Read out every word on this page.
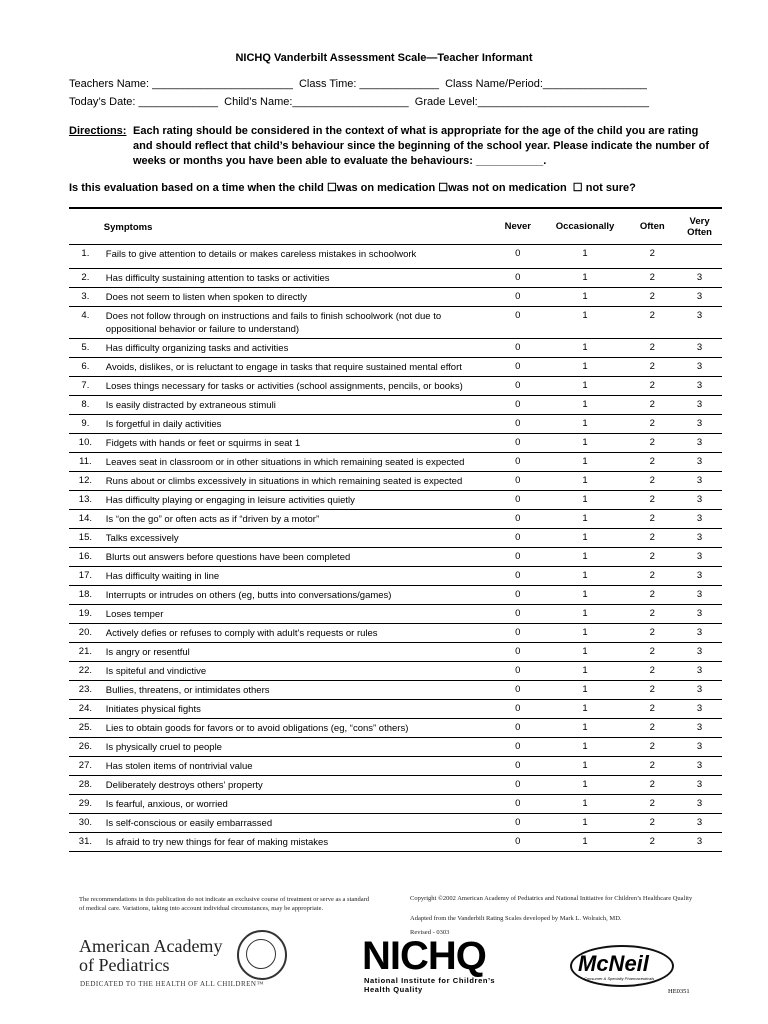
NICHQ Vanderbilt Assessment Scale—Teacher Informant
Teachers Name: _______________________  Class Time: _____________  Class Name/Period:_________________
Today’s Date: _____________  Child’s Name:___________________  Grade Level:____________________________
Directions: Each rating should be considered in the context of what is appropriate for the age of the child you are rating and should reflect that child’s behaviour since the beginning of the school year. Please indicate the number of weeks or months you have been able to evaluate the behaviours: ___________.
Is this evaluation based on a time when the child ☐was on medication ☐was not on medication  ☐ not sure?
	Symptoms	Never	Occasionally	Often	Very Often
1.	Fails to give attention to details or makes careless mistakes in schoolwork	0	1	2	
2.	Has difficulty sustaining attention to tasks or activities	0	1	2	3
3.	Does not seem to listen when spoken to directly	0	1	2	3
4.	Does not follow through on instructions and fails to finish schoolwork (not due to oppositional behavior or failure to understand)	0	1	2	3
5.	Has difficulty organizing tasks and activities	0	1	2	3
6.	Avoids, dislikes, or is reluctant to engage in tasks that require sustained mental effort	0	1	2	3
7.	Loses things necessary for tasks or activities (school assignments, pencils, or books)	0	1	2	3
8.	Is easily distracted by extraneous stimuli	0	1	2	3
9.	Is forgetful in daily activities	0	1	2	3
10.	Fidgets with hands or feet or squirms in seat 1	0	1	2	3
11.	Leaves seat in classroom or in other situations in which remaining seated is expected	0	1	2	3
12.	Runs about or climbs excessively in situations in which remaining seated is expected	0	1	2	3
13.	Has difficulty playing or engaging in leisure activities quietly	0	1	2	3
14.	Is “on the go” or often acts as if “driven by a motor”	0	1	2	3
15.	Talks excessively	0	1	2	3
16.	Blurts out answers before questions have been completed	0	1	2	3
17.	Has difficulty waiting in line	0	1	2	3
18.	Interrupts or intrudes on others (eg, butts into conversations/games)	0	1	2	3
19.	Loses temper	0	1	2	3
20.	Actively defies or refuses to comply with adult’s requests or rules	0	1	2	3
21.	Is angry or resentful	0	1	2	3
22.	Is spiteful and vindictive	0	1	2	3
23.	Bullies, threatens, or intimidates others	0	1	2	3
24.	Initiates physical fights	0	1	2	3
25.	Lies to obtain goods for favors or to avoid obligations (eg, “cons” others)	0	1	2	3
26.	Is physically cruel to people	0	1	2	3
27.	Has stolen items of nontrivial value	0	1	2	3
28.	Deliberately destroys others’ property	0	1	2	3
29.	Is fearful, anxious, or worried	0	1	2	3
30.	Is self-conscious or easily embarrassed	0	1	2	3
31.	Is afraid to try new things for fear of making mistakes	0	1	2	3
The recommendations in this publication do not indicate an exclusive course of treatment or serve as a standard of medical care. Variations, taking into account individual circumstances, may be appropriate.
Copyright ©2002 American Academy of Pediatrics and National Initiative for Children’s Healthcare Quality
Adapted from the Vanderbilt Rating Scales developed by Mark L. Wolraich, MD.
Revised - 0303
American Academy of Pediatrics
DEDICATED TO THE HEALTH OF ALL CHILDREN™
NICHQ
National Institute for Children’s Health Quality
McNeil
Consumer & Specialty Pharmaceuticals
HE0351
